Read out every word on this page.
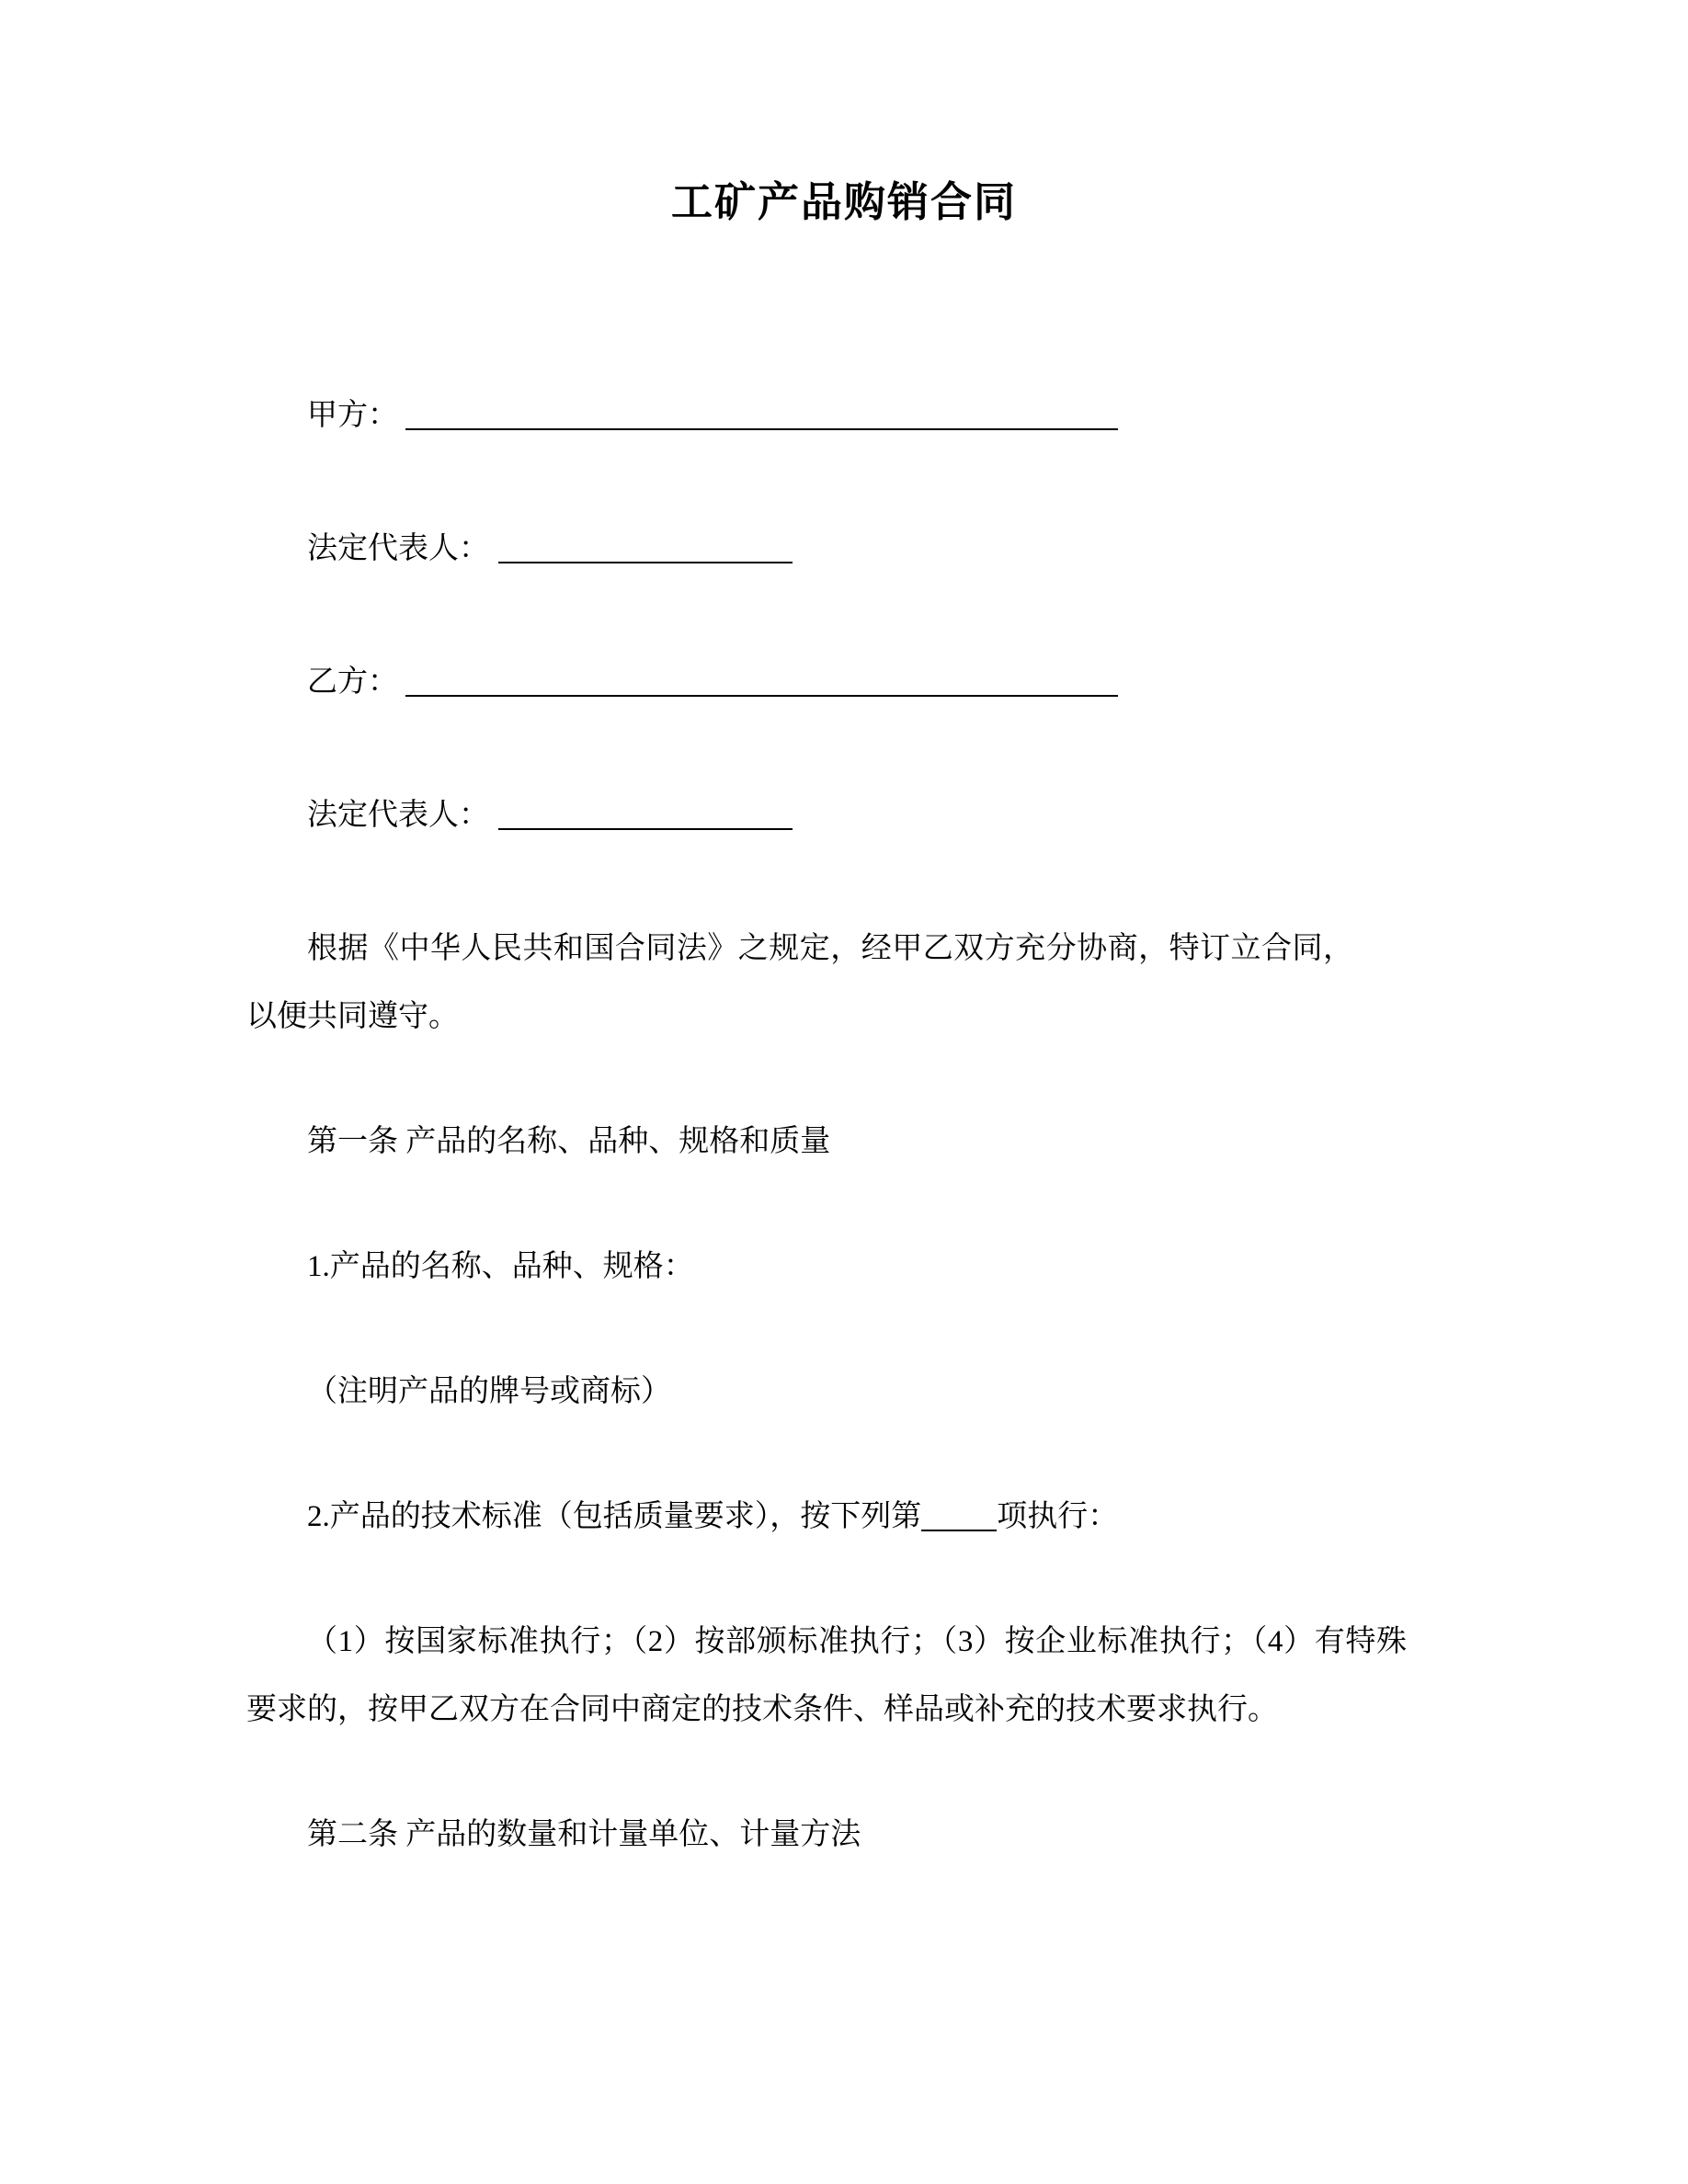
工矿产品购销合同
甲方：
法定代表人：
乙方：
法定代表人：

根据《中华人民共和国合同法》之规定，经甲乙双方充分协商，特订立合同，以便共同遵守。

第一条 产品的名称、品种、规格和质量

1.产品的名称、品种、规格：

（注明产品的牌号或商标）

2.产品的技术标准（包括质量要求），按下列第 项执行：

（1）按国家标准执行；（2）按部颁标准执行；（3）按企业标准执行；（4）有特殊要求的，按甲乙双方在合同中商定的技术条件、样品或补充的技术要求执行。

第二条 产品的数量和计量单位、计量方法
